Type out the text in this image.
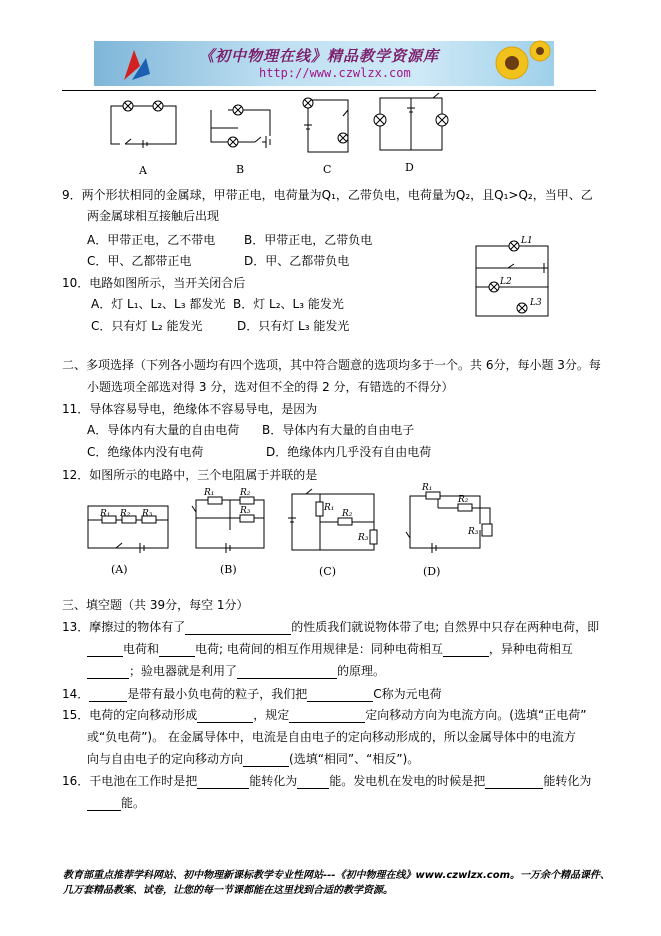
《初中物理在线》精品教学资源库
http://www.czwlzx.com
A	B	C	D
9．两个形状相同的金属球，甲带正电，电荷量为Q₁，乙带负电，电荷量为Q₂，且Q₁>Q₂，当甲、乙
两金属球相互接触后出现
A．甲带正电，乙不带电 B．甲带正电，乙带负电
C．甲、乙都带正电	D．甲、乙都带负电
L1
L2
L3
10．电路如图所示，当开关闭合后
A．灯 L₁、L₂、L₃ 都发光 B．灯 L₂、L₃ 能发光
C．只有灯 L₂ 能发光	D．只有灯 L₃ 能发光
二、多项选择（下列各小题均有四个选项，其中符合题意的选项均多于一个。共 6分，每小题 3分。每
小题选项全部选对得 3 分，选对但不全的得 2 分，有错选的不得分）
11．导体容易导电，绝缘体不容易导电，是因为
A．导体内有大量的自由电荷 B．导体内有大量的自由电子
C．绝缘体内没有电荷	D．绝缘体内几乎没有自由电荷
12．如图所示的电路中，三个电阻属于并联的是
R₁ R₂ R₃
R₁	R₂
R₃	R₁
R₂
R₃
R₁
R₂
R₃
(A)	(B)	(C)	(D)
三、填空题（共 39分，每空 1分）
13．摩擦过的物体有了	的性质我们就说物体带了电; 自然界中只存在两种电荷，即
电荷和	电荷; 电荷间的相互作用规律是：同种电荷相互	，异种电荷相互
；验电器就是利用了	的原理。
14．	是带有最小负电荷的粒子，我们把	C称为元电荷
15．电荷的定向移动形成	，规定	定向移动方向为电流方向。(选填“正电荷”
或“负电荷”)。 在金属导体中，电流是自由电子的定向移动形成的，所以金属导体中的电流方
向与自由电子的定向移动方向	(选填“相同”、“相反”)。
16．干电池在工作时是把	能转化为	能。发电机在发电的时候是把	能转化为
能。
教育部重点推荐学科网站、初中物理新课标教学专业性网站---《初中物理在线》www.czwlzx.com。一万余个精品课件、
几万套精品教案、试卷，让您的每一节课都能在这里找到合适的教学资源。
